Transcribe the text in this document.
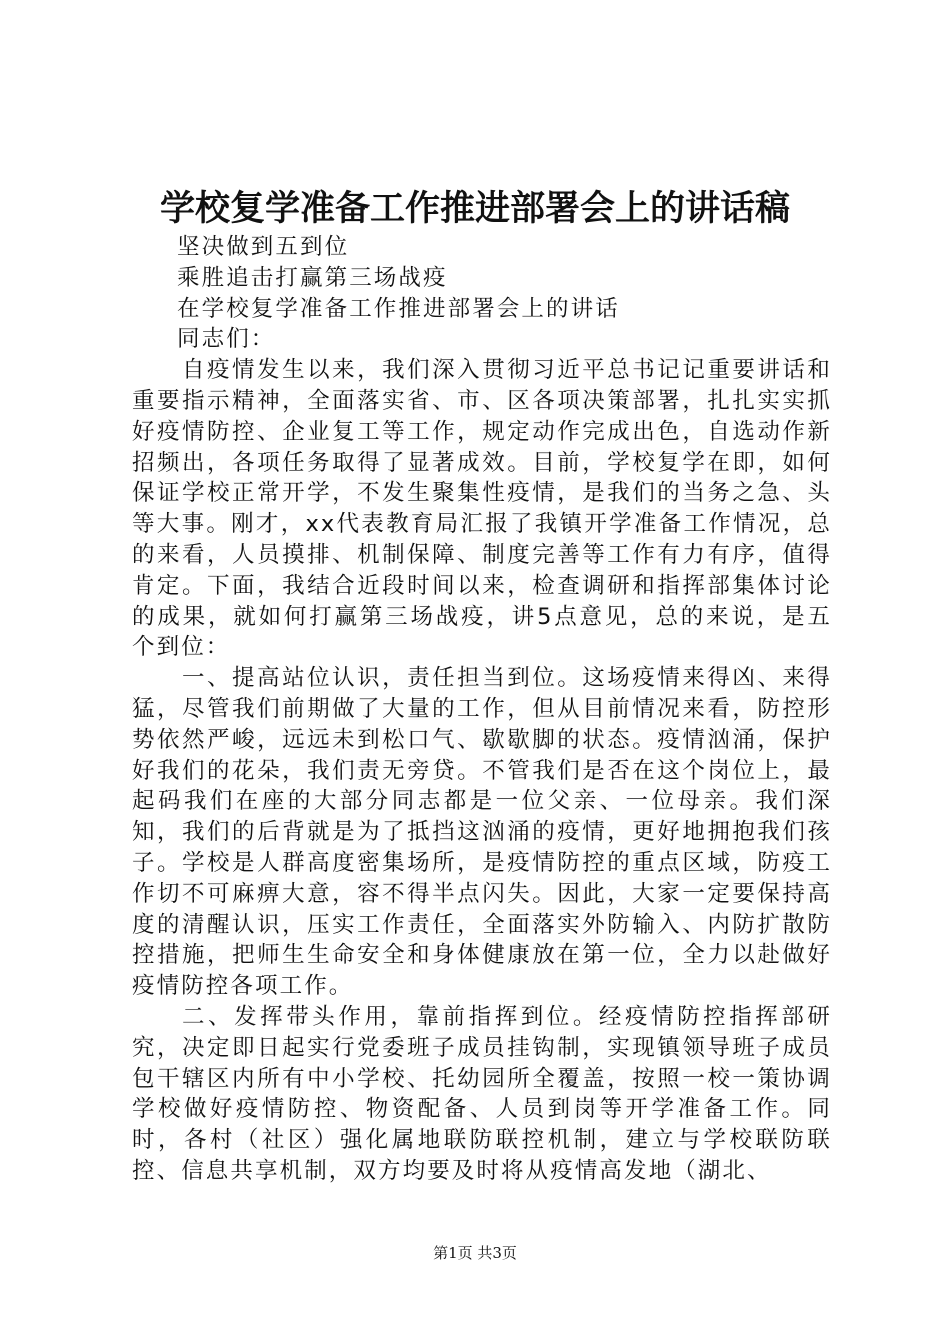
学校复学准备工作推进部署会上的讲话稿

坚决做到五到位

乘胜追击打赢第三场战疫

在学校复学准备工作推进部署会上的讲话

同志们：

自疫情发生以来，我们深入贯彻习近平总书记记重要讲话和重要指示精神，全面落实省、市、区各项决策部署，扎扎实实抓好疫情防控、企业复工等工作，规定动作完成出色，自选动作新招频出，各项任务取得了显著成效。目前，学校复学在即，如何保证学校正常开学，不发生聚集性疫情，是我们的当务之急、头等大事。刚才，xx代表教育局汇报了我镇开学准备工作情况，总的来看，人员摸排、机制保障、制度完善等工作有力有序，值得肯定。下面，我结合近段时间以来，检查调研和指挥部集体讨论的成果，就如何打赢第三场战疫，讲5点意见，总的来说，是五个到位：

一、提高站位认识，责任担当到位。这场疫情来得凶、来得猛，尽管我们前期做了大量的工作，但从目前情况来看，防控形势依然严峻，远远未到松口气、歇歇脚的状态。疫情汹涌，保护好我们的花朵，我们责无旁贷。不管我们是否在这个岗位上，最起码我们在座的大部分同志都是一位父亲、一位母亲。我们深知，我们的后背就是为了抵挡这汹涌的疫情，更好地拥抱我们孩子。学校是人群高度密集场所，是疫情防控的重点区域，防疫工作切不可麻痹大意，容不得半点闪失。因此，大家一定要保持高度的清醒认识，压实工作责任，全面落实外防输入、内防扩散防控措施，把师生生命安全和身体健康放在第一位，全力以赴做好疫情防控各项工作。

二、发挥带头作用，靠前指挥到位。经疫情防控指挥部研究，决定即日起实行党委班子成员挂钩制，实现镇领导班子成员包干辖区内所有中小学校、托幼园所全覆盖，按照一校一策协调学校做好疫情防控、物资配备、人员到岗等开学准备工作。同时，各村（社区）强化属地联防联控机制，建立与学校联防联控、信息共享机制，双方均要及时将从疫情高发地（湖北、

第1页 共3页
